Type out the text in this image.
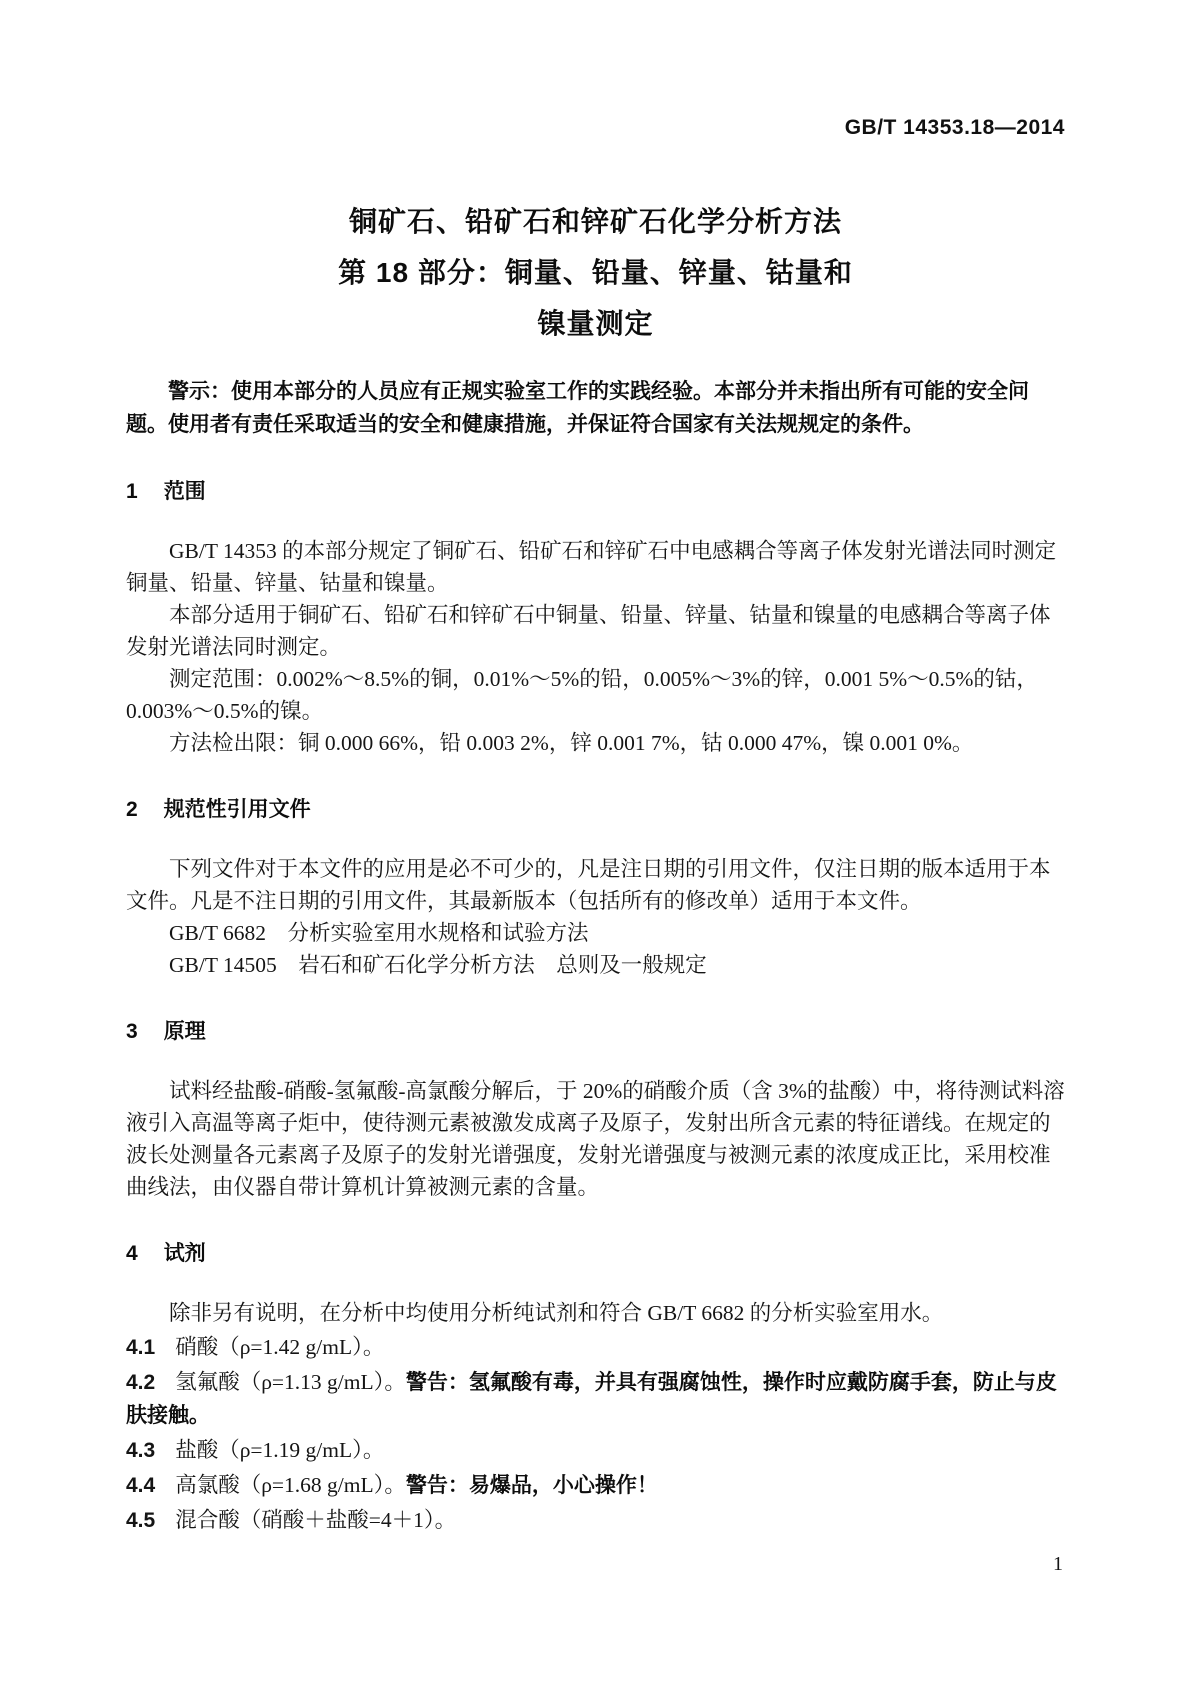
GB/T 14353.18—2014
铜矿石、铅矿石和锌矿石化学分析方法
第 18 部分：铜量、铅量、锌量、钴量和
镍量测定

警示：使用本部分的人员应有正规实验室工作的实践经验。本部分并未指出所有可能的安全问题。使用者有责任采取适当的安全和健康措施，并保证符合国家有关法规规定的条件。

1 范围

GB/T 14353 的本部分规定了铜矿石、铅矿石和锌矿石中电感耦合等离子体发射光谱法同时测定铜量、铅量、锌量、钴量和镍量。

本部分适用于铜矿石、铅矿石和锌矿石中铜量、铅量、锌量、钴量和镍量的电感耦合等离子体发射光谱法同时测定。

测定范围：0.002%～8.5%的铜，0.01%～5%的铅，0.005%～3%的锌，0.001 5%～0.5%的钴，0.003%～0.5%的镍。

方法检出限：铜 0.000 66%，铅 0.003 2%，锌 0.001 7%，钴 0.000 47%，镍 0.001 0%。

2 规范性引用文件

下列文件对于本文件的应用是必不可少的，凡是注日期的引用文件，仅注日期的版本适用于本文件。凡是不注日期的引用文件，其最新版本（包括所有的修改单）适用于本文件。

GB/T 6682　分析实验室用水规格和试验方法

GB/T 14505　岩石和矿石化学分析方法　总则及一般规定

3 原理

试料经盐酸-硝酸-氢氟酸-高氯酸分解后，于 20%的硝酸介质（含 3%的盐酸）中，将待测试料溶液引入高温等离子炬中，使待测元素被激发成离子及原子，发射出所含元素的特征谱线。在规定的波长处测量各元素离子及原子的发射光谱强度，发射光谱强度与被测元素的浓度成正比，采用校准曲线法，由仪器自带计算机计算被测元素的含量。

4 试剂

除非另有说明，在分析中均使用分析纯试剂和符合 GB/T 6682 的分析实验室用水。

4.1 硝酸（ρ=1.42 g/mL）。

4.2 氢氟酸（ρ=1.13 g/mL）。警告：氢氟酸有毒，并具有强腐蚀性，操作时应戴防腐手套，防止与皮肤接触。

4.3 盐酸（ρ=1.19 g/mL）。

4.4 高氯酸（ρ=1.68 g/mL）。警告：易爆品，小心操作！

4.5 混合酸（硝酸＋盐酸=4＋1）。

1
